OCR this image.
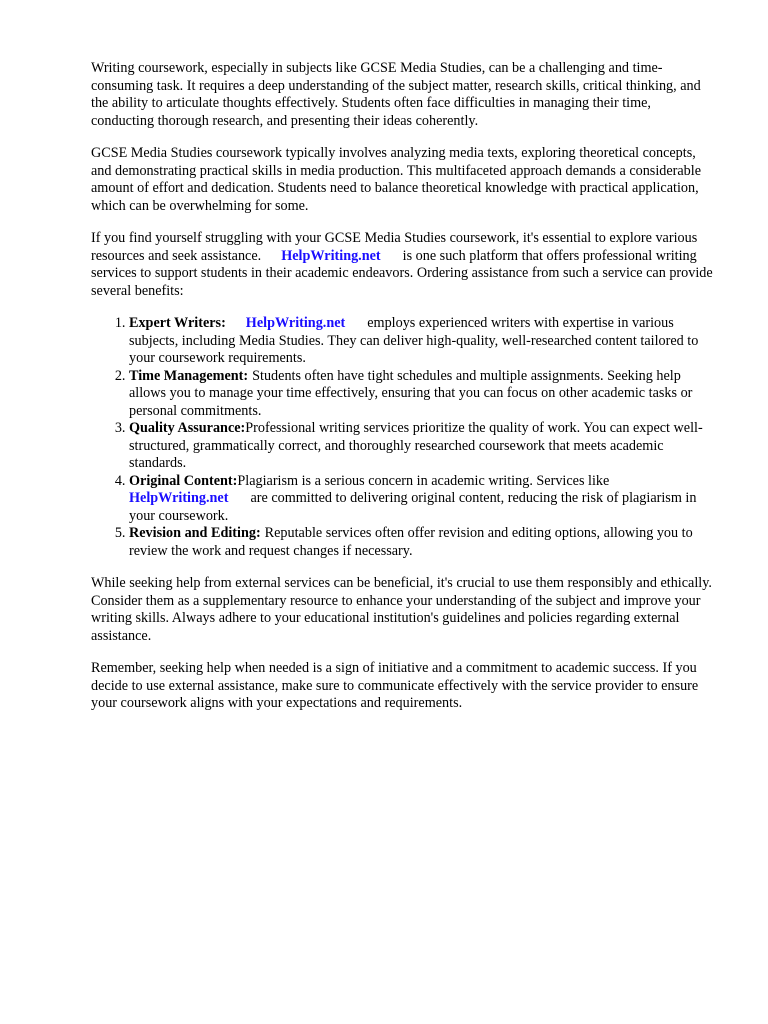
Writing coursework, especially in subjects like GCSE Media Studies, can be a challenging and time-consuming task. It requires a deep understanding of the subject matter, research skills, critical thinking, and the ability to articulate thoughts effectively. Students often face difficulties in managing their time, conducting thorough research, and presenting their ideas coherently.

GCSE Media Studies coursework typically involves analyzing media texts, exploring theoretical concepts, and demonstrating practical skills in media production. This multifaceted approach demands a considerable amount of effort and dedication. Students need to balance theoretical knowledge with practical application, which can be overwhelming for some.

If you find yourself struggling with your GCSE Media Studies coursework, it's essential to explore various resources and seek assistance. HelpWriting.net is one such platform that offers professional writing services to support students in their academic endeavors. Ordering assistance from such a service can provide several benefits:

1. Expert Writers: HelpWriting.net employs experienced writers with expertise in various subjects, including Media Studies. They can deliver high-quality, well-researched content tailored to your coursework requirements.
2. Time Management: Students often have tight schedules and multiple assignments. Seeking help allows you to manage your time effectively, ensuring that you can focus on other academic tasks or personal commitments.
3. Quality Assurance:Professional writing services prioritize the quality of work. You can expect well-structured, grammatically correct, and thoroughly researched coursework that meets academic standards.
4. Original Content:Plagiarism is a serious concern in academic writing. Services like
HelpWriting.net are committed to delivering original content, reducing the risk of plagiarism in your coursework.
5. Revision and Editing: Reputable services often offer revision and editing options, allowing you to review the work and request changes if necessary.

While seeking help from external services can be beneficial, it's crucial to use them responsibly and ethically. Consider them as a supplementary resource to enhance your understanding of the subject and improve your writing skills. Always adhere to your educational institution's guidelines and policies regarding external assistance.

Remember, seeking help when needed is a sign of initiative and a commitment to academic success. If you decide to use external assistance, make sure to communicate effectively with the service provider to ensure your coursework aligns with your expectations and requirements.
